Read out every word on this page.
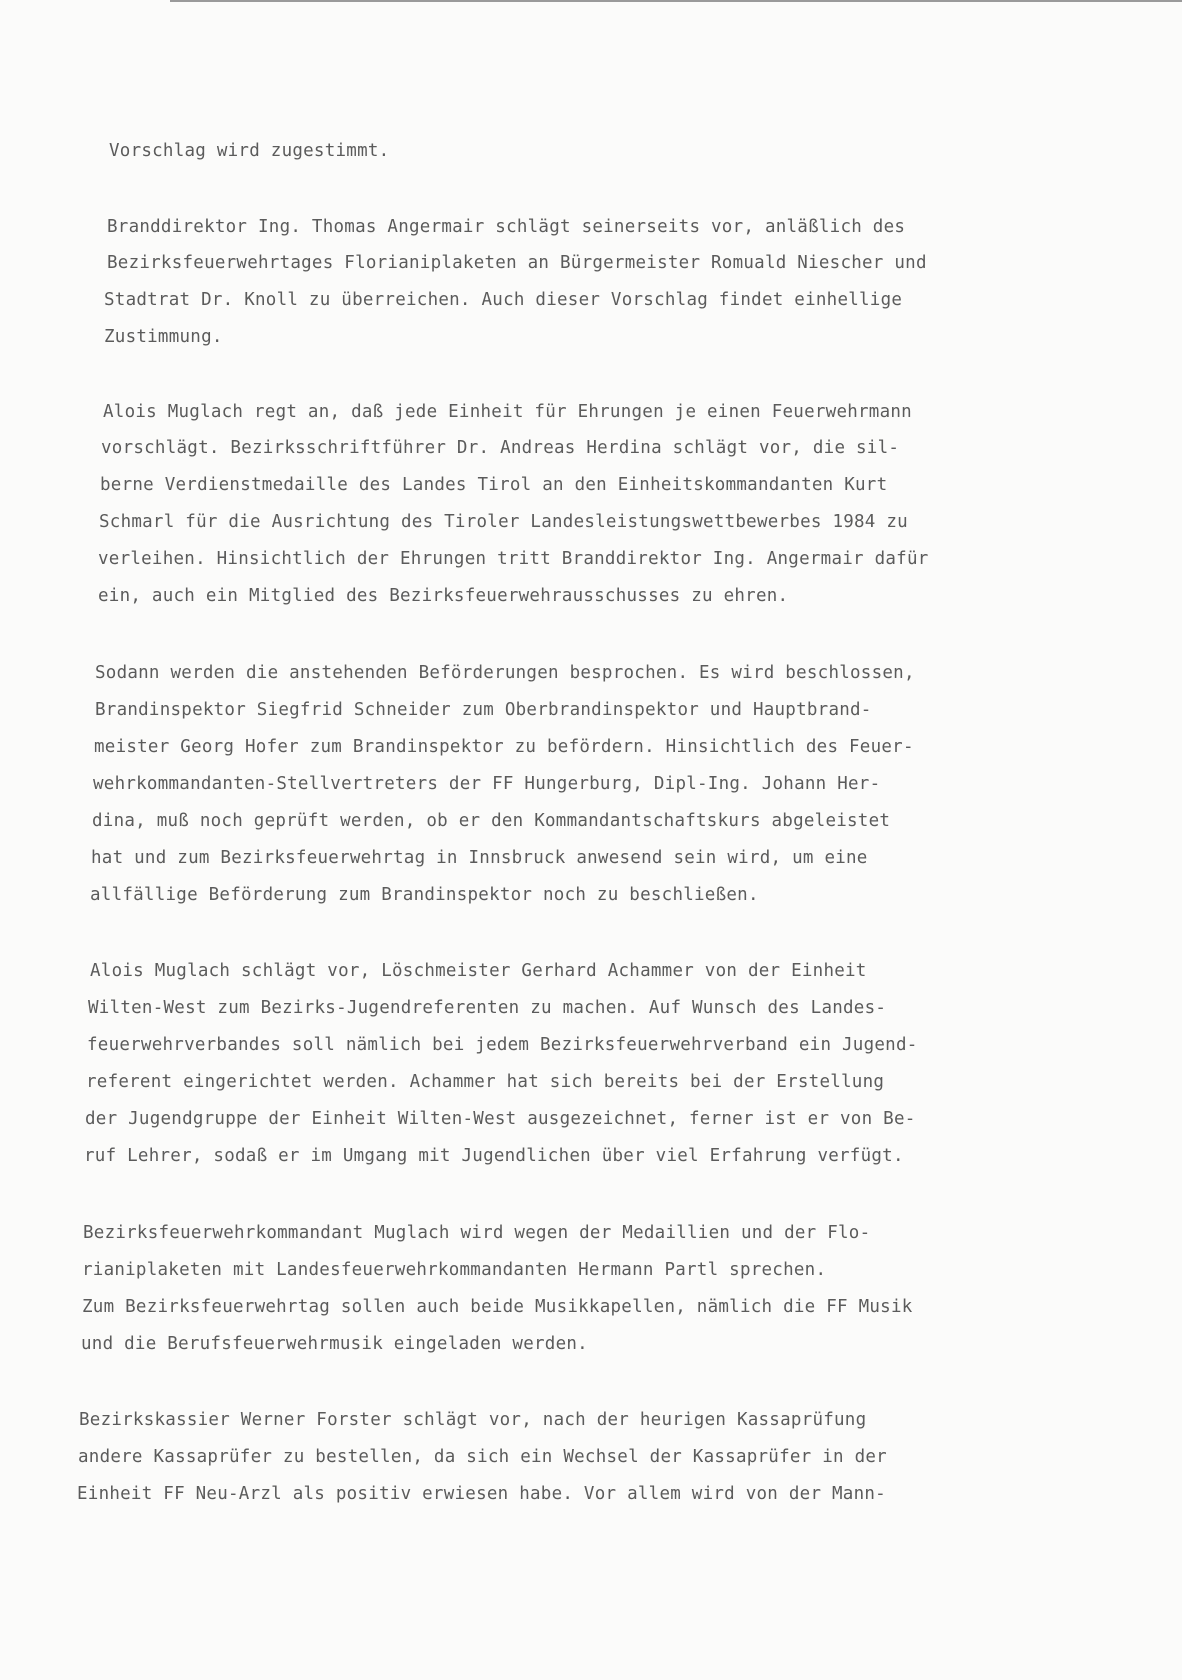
Vorschlag wird zugestimmt.
Branddirektor Ing. Thomas Angermair schlägt seinerseits vor, anläßlich des
Bezirksfeuerwehrtages Florianiplaketen an Bürgermeister Romuald Niescher und
Stadtrat Dr. Knoll zu überreichen. Auch dieser Vorschlag findet einhellige
Zustimmung.
Alois Muglach regt an, daß jede Einheit für Ehrungen je einen Feuerwehrmann
vorschlägt. Bezirksschriftführer Dr. Andreas Herdina schlägt vor, die sil-
berne Verdienstmedaille des Landes Tirol an den Einheitskommandanten Kurt
Schmarl für die Ausrichtung des Tiroler Landesleistungswettbewerbes 1984 zu
verleihen. Hinsichtlich der Ehrungen tritt Branddirektor Ing. Angermair dafür
ein, auch ein Mitglied des Bezirksfeuerwehrausschusses zu ehren.
Sodann werden die anstehenden Beförderungen besprochen. Es wird beschlossen,
Brandinspektor Siegfrid Schneider zum Oberbrandinspektor und Hauptbrand-
meister Georg Hofer zum Brandinspektor zu befördern. Hinsichtlich des Feuer-
wehrkommandanten-Stellvertreters der FF Hungerburg, Dipl-Ing. Johann Her-
dina, muß noch geprüft werden, ob er den Kommandantschaftskurs abgeleistet
hat und zum Bezirksfeuerwehrtag in Innsbruck anwesend sein wird, um eine
allfällige Beförderung zum Brandinspektor noch zu beschließen.
Alois Muglach schlägt vor, Löschmeister Gerhard Achammer von der Einheit
Wilten-West zum Bezirks-Jugendreferenten zu machen. Auf Wunsch des Landes-
feuerwehrverbandes soll nämlich bei jedem Bezirksfeuerwehrverband ein Jugend-
referent eingerichtet werden. Achammer hat sich bereits bei der Erstellung
der Jugendgruppe der Einheit Wilten-West ausgezeichnet, ferner ist er von Be-
ruf Lehrer, sodaß er im Umgang mit Jugendlichen über viel Erfahrung verfügt.
Bezirksfeuerwehrkommandant Muglach wird wegen der Medaillien und der Flo-
rianiplaketen mit Landesfeuerwehrkommandanten Hermann Partl sprechen.
Zum Bezirksfeuerwehrtag sollen auch beide Musikkapellen, nämlich die FF Musik
und die Berufsfeuerwehrmusik eingeladen werden.
Bezirkskassier Werner Forster schlägt vor, nach der heurigen Kassaprüfung
andere Kassaprüfer zu bestellen, da sich ein Wechsel der Kassaprüfer in der
Einheit FF Neu-Arzl als positiv erwiesen habe. Vor allem wird von der Mann-
